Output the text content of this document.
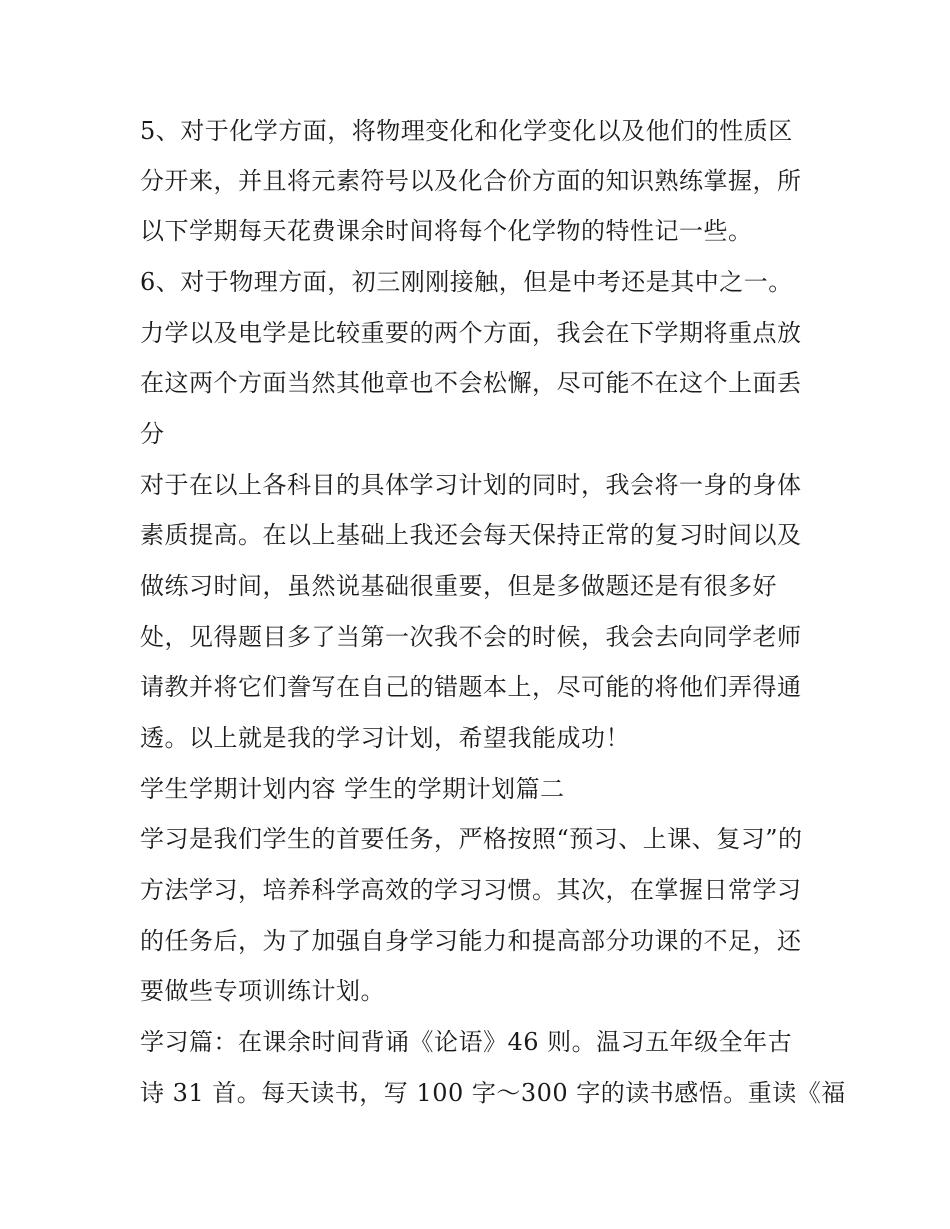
5、对于化学方面，将物理变化和化学变化以及他们的性质区
分开来，并且将元素符号以及化合价方面的知识熟练掌握，所
以下学期每天花费课余时间将每个化学物的特性记一些。
6、对于物理方面，初三刚刚接触，但是中考还是其中之一。
力学以及电学是比较重要的两个方面，我会在下学期将重点放
在这两个方面当然其他章也不会松懈，尽可能不在这个上面丢
分
对于在以上各科目的具体学习计划的同时，我会将一身的身体
素质提高。在以上基础上我还会每天保持正常的复习时间以及
做练习时间，虽然说基础很重要，但是多做题还是有很多好
处，见得题目多了当第一次我不会的时候，我会去向同学老师
请教并将它们誊写在自己的错题本上，尽可能的将他们弄得通
透。以上就是我的学习计划，希望我能成功！
学生学期计划内容 学生的学期计划篇二
学习是我们学生的首要任务，严格按照“预习、上课、复习”的
方法学习，培养科学高效的学习习惯。其次，在掌握日常学习
的任务后，为了加强自身学习能力和提高部分功课的不足，还
要做些专项训练计划。
学习篇：在课余时间背诵《论语》46 则。温习五年级全年古
诗 31 首。每天读书，写 100 字～300 字的读书感悟。重读《福
